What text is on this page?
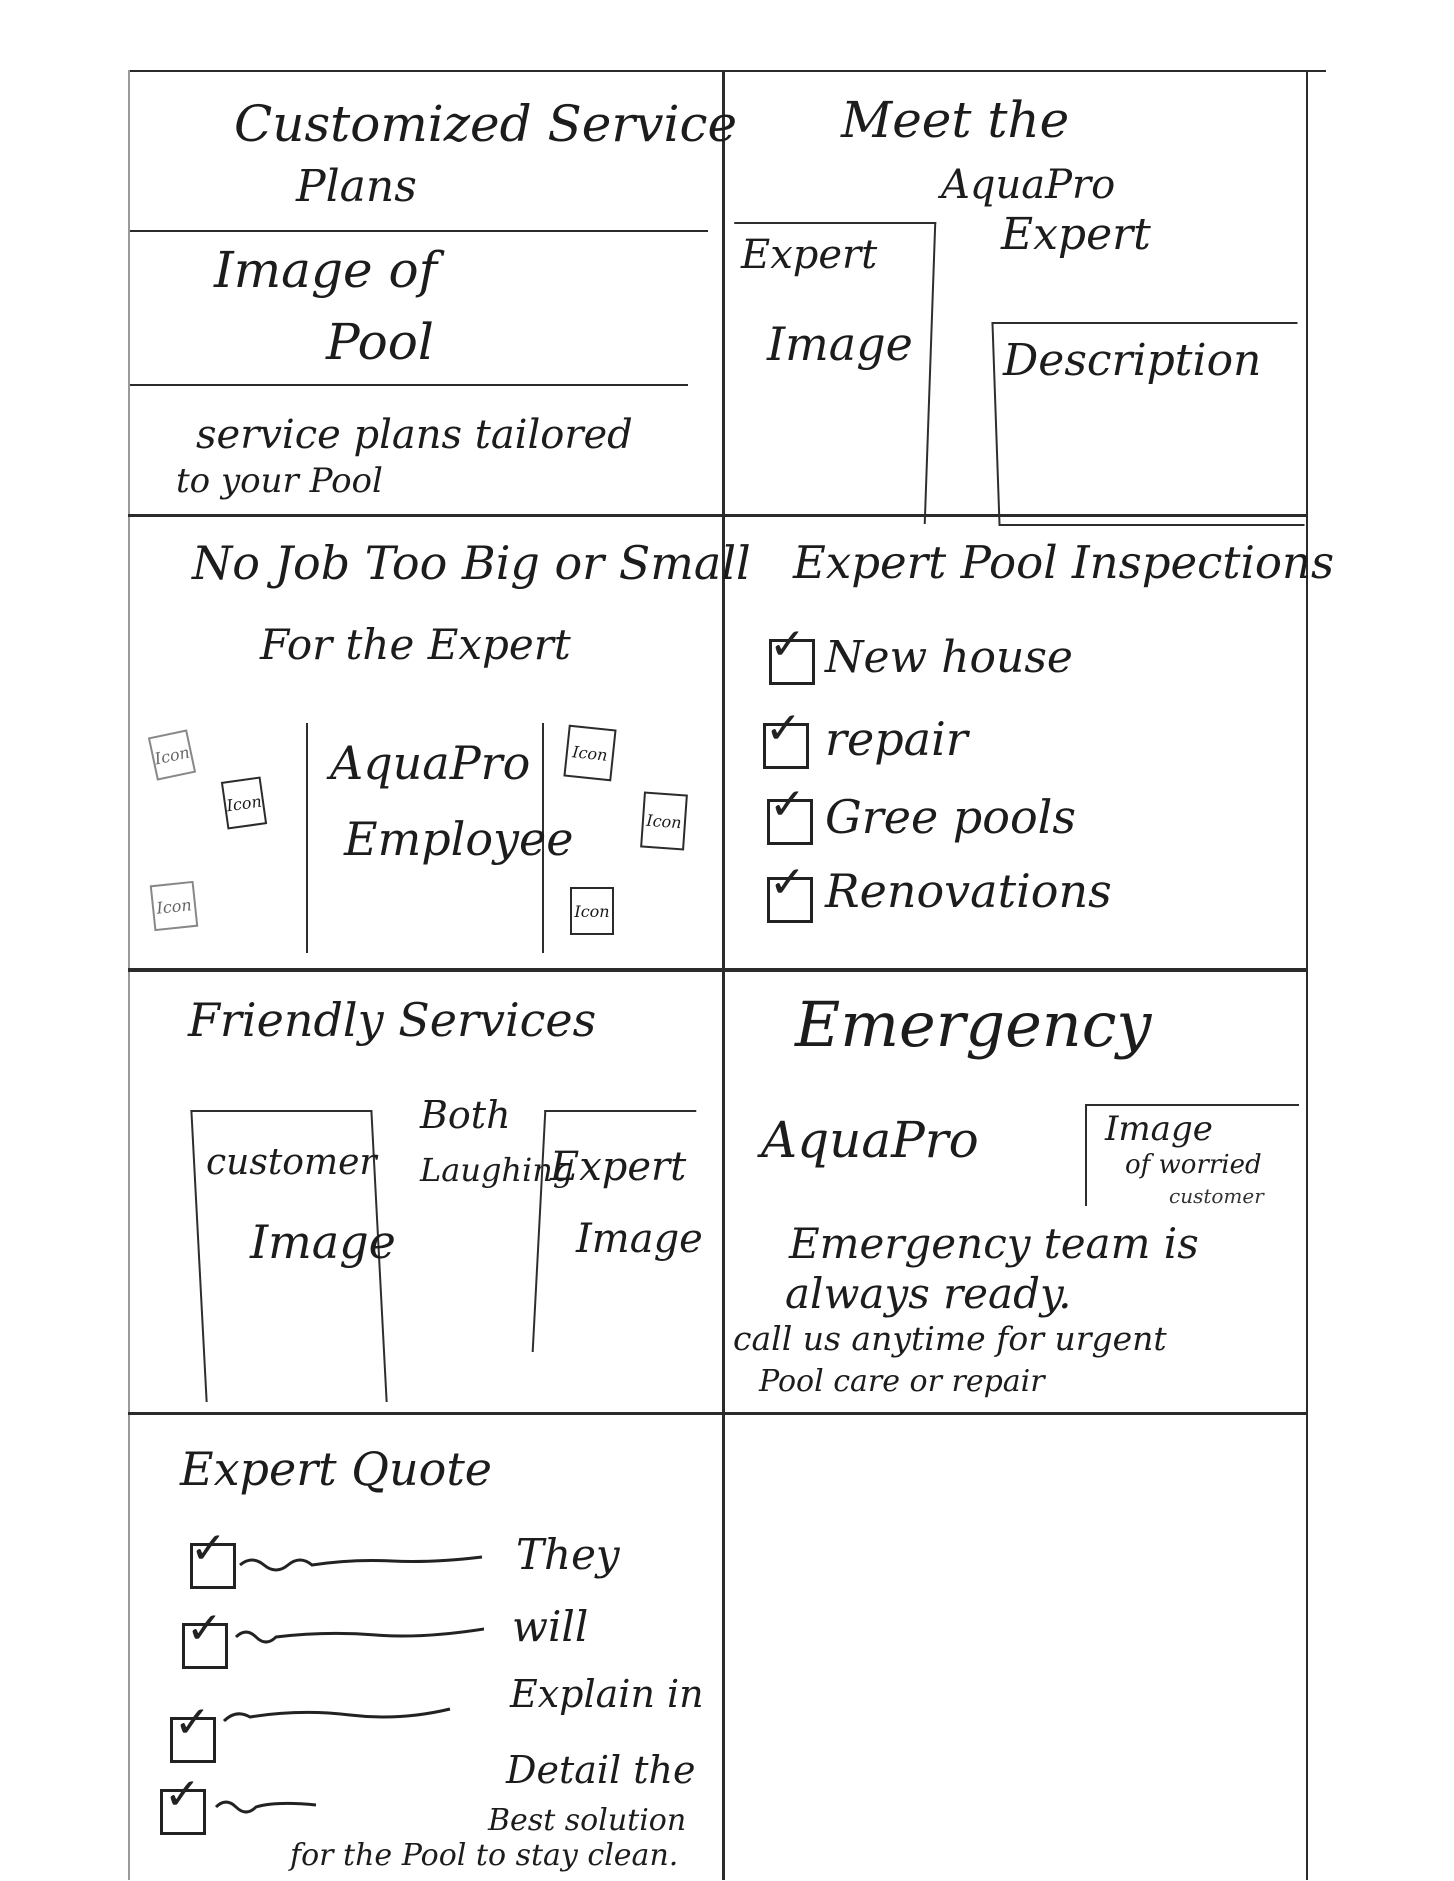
Customized Service
Plans
Image of
Pool
service plans tailored
to your Pool
Meet the
AquaPro
Expert
Expert
Image Description
No Job Too Big or Small
For the Expert
AquaPro
Employee
Icon
Icon
Icon
Icon
Icon
Icon
Expert Pool Inspections
✓ New house
✓ repair
✓ Gree pools
✓ Renovations
Friendly Services
customer
Image
Both
Laughing
Expert
Image
Emergency
AquaPro	Image
of worried
customer
Emergency team is
always ready.
call us anytime for urgent
Pool care or repair
Expert Quote
✓
✓
✓
✓
They
will
Explain in
Detail the
Best solution
for the Pool to stay clean.
